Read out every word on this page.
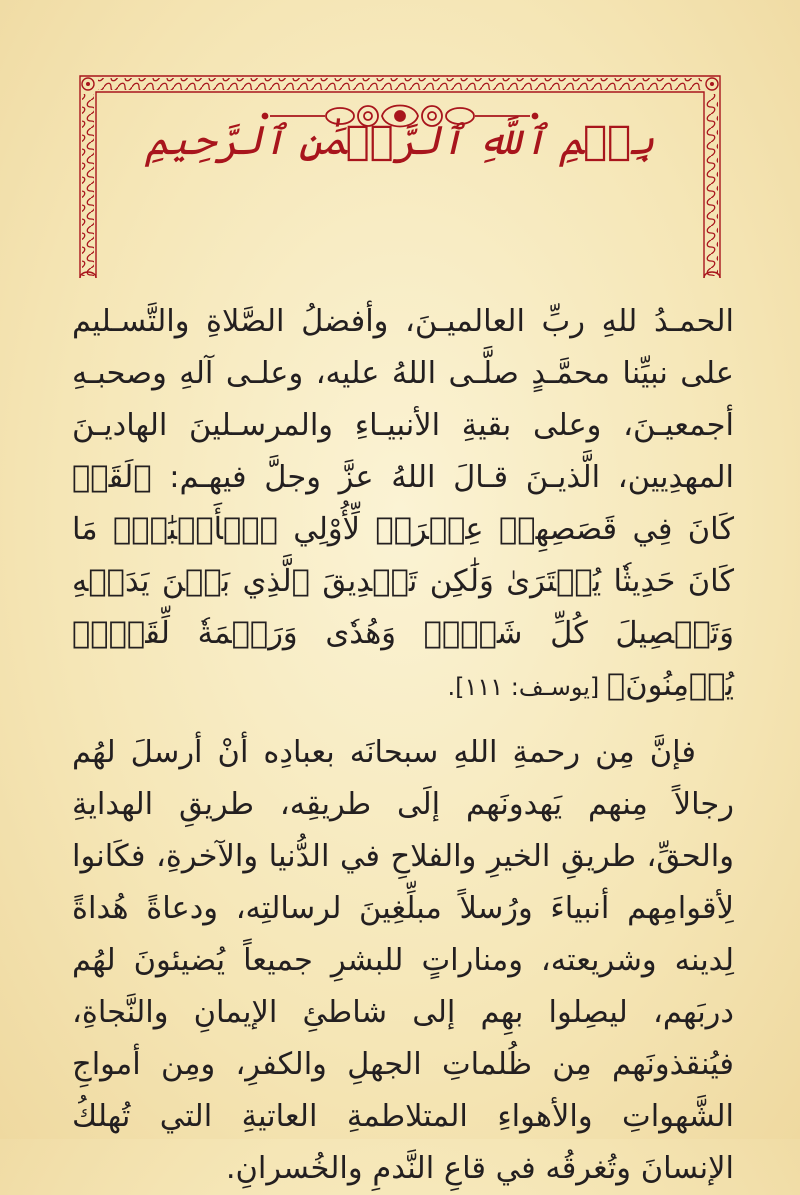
بِسۡمِ ٱللَّهِ ٱلرَّحۡمَٰنِ ٱلرَّحِيمِ

الحمـدُ للهِ ربِّ العالميـنَ، وأفضلُ الصَّلاةِ والتَّسـليم على نبيِّنا محمَّـدٍ صلَّـى اللهُ عليه، وعلـى آلهِ وصحبـهِ أجمعيـنَ، وعلى بقيةِ الأنبيـاءِ والمرسـلينَ الهاديـنَ المهدِيين، الَّذيـنَ قـالَ اللهُ عزَّ وجلَّ فيهـم: ﴿لَقَدۡ كَانَ فِي قَصَصِهِمۡ عِبۡرَةٞ لِّأُوْلِي ٱلۡأَلۡبَٰبِۗ مَا كَانَ حَدِيثٗا يُفۡتَرَىٰ وَلَٰكِن تَصۡدِيقَ ٱلَّذِي بَيۡنَ يَدَيۡهِ وَتَفۡصِيلَ كُلِّ شَيۡءٖ وَهُدٗى وَرَحۡمَةٗ لِّقَوۡمٖ يُؤۡمِنُونَ﴾ [يوسـف: ١١١].

فإنَّ مِن رحمةِ اللهِ سبحانَه بعبادِه أنْ أرسلَ لهُم رجالاً مِنهم يَهدونَهم إلَى طريقِه، طريقِ الهدايةِ والحقِّ، طريقِ الخيرِ والفلاحِ في الدُّنيا والآخرةِ، فكَانوا لِأقوامِهم أنبياءَ ورُسلاً مبلِّغِينَ لرسالتِه، ودعاةً هُداةً لِدينه وشريعته، ومناراتٍ للبشرِ جميعاً يُضيئونَ لهُم دربَهم، ليصِلوا بهِم إلى شاطئِ الإيمانِ والنَّجاةِ، فيُنقذونَهم مِن ظُلماتِ الجهلِ والكفرِ، ومِن أمواجِ الشَّهواتِ والأهواءِ المتلاطمةِ العاتيةِ التي تُهلكُ الإنسانَ وتُغرقُه في قاعِ النَّدمِ والخُسرانِ.
